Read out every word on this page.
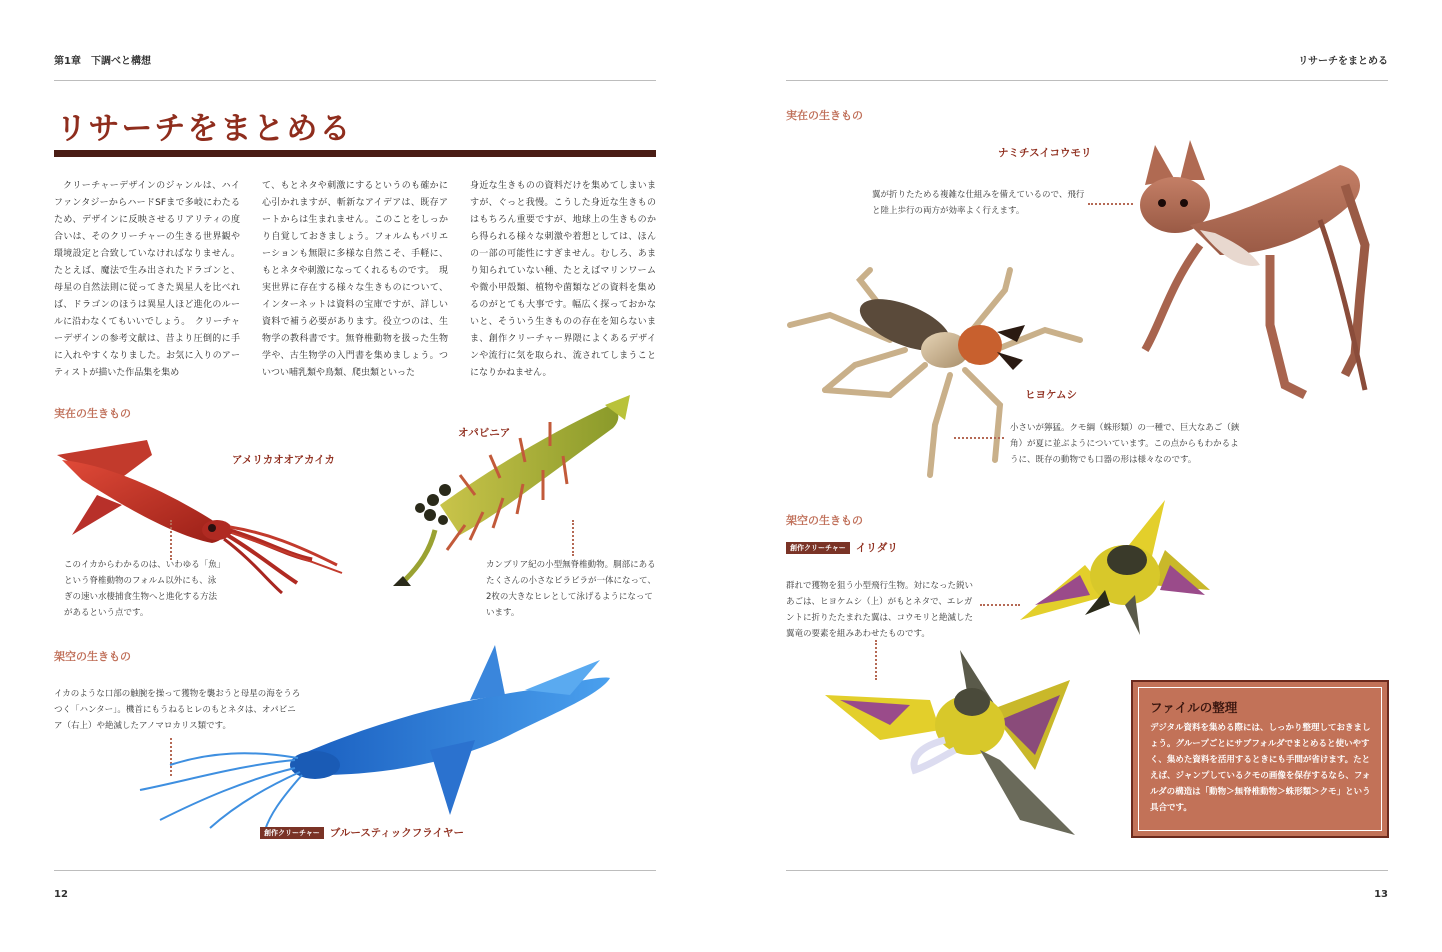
第1章　下調べと構想
リサーチをまとめる
クリーチャーデザインのジャンルは、ハイファンタジーからハードSFまで多岐にわたるため、デザインに反映させるリアリティの度合いは、そのクリーチャーの生きる世界観や環境設定と合致していなければなりません。たとえば、魔法で生み出されたドラゴンと、母星の自然法則に従ってきた異星人を比べれば、ドラゴンのほうは異星人ほど進化のルールに沿わなくてもいいでしょう。　クリーチャーデザインの参考文献は、昔より圧倒的に手に入れやすくなりました。お気に入りのアーティストが描いた作品集を集め
て、もとネタや刺激にするというのも確かに心引かれますが、斬新なアイデアは、既存アートからは生まれません。このことをしっかり自覚しておきましょう。フォルムもバリエーションも無限に多様な自然こそ、手軽に、もとネタや刺激になってくれるものです。　現実世界に存在する様々な生きものについて、インターネットは資料の宝庫ですが、詳しい資料で補う必要があります。役立つのは、生物学の教科書です。無脊椎動物を扱った生物学や、古生物学の入門書を集めましょう。ついつい哺乳類や鳥類、爬虫類といった
身近な生きものの資料だけを集めてしまいますが、ぐっと我慢。こうした身近な生きものはもちろん重要ですが、地球上の生きものから得られる様々な刺激や着想としては、ほんの一部の可能性にすぎません。むしろ、あまり知られていない種、たとえばマリンワームや微小甲殻類、植物や菌類などの資料を集めるのがとても大事です。幅広く探っておかないと、そういう生きものの存在を知らないまま、創作クリーチャー界隈によくあるデザインや流行に気を取られ、流されてしまうことになりかねません。
実在の生きもの
アメリカオオアカイカ
このイカからわかるのは、いわゆる「魚」という脊椎動物のフォルム以外にも、泳ぎの速い水棲捕食生物へと進化する方法があるという点です。
オパビニア
カンブリア紀の小型無脊椎動物。胴部にあるたくさんの小さなビラビラが一体になって、2枚の大きなヒレとして泳げるようになっています。
架空の生きもの
イカのような口部の触腕を操って獲物を襲おうと母星の海をうろつく「ハンター」。機首にもうねるヒレのもとネタは、オパビニア（右上）や絶滅したアノマロカリス類です。
創作クリーチャー ブルースティックフライヤー
12
リサーチをまとめる
実在の生きもの
ナミチスイコウモリ
翼が折りたためる複雑な仕組みを備えているので、飛行と陸上歩行の両方が効率よく行えます。
ヒヨケムシ
小さいが獰猛。クモ綱（蛛形類）の一種で、巨大なあご（鋏角）が夏に並ぶようについています。この点からもわかるように、既存の動物でも口器の形は様々なのです。
架空の生きもの
創作クリーチャー イリダリ
群れで獲物を狙う小型飛行生物。対になった鋭いあごは、ヒヨケムシ（上）がもとネタで、エレガントに折りたたまれた翼は、コウモリと絶滅した翼竜の要素を組みあわせたものです。
ファイルの整理
デジタル資料を集める際には、しっかり整理しておきましょう。グループごとにサブフォルダでまとめると使いやすく、集めた資料を活用するときにも手間が省けます。たとえば、ジャンプしているクモの画像を保存するなら、フォルダの構造は「動物＞無脊椎動物＞蛛形類＞クモ」という具合です。
13
